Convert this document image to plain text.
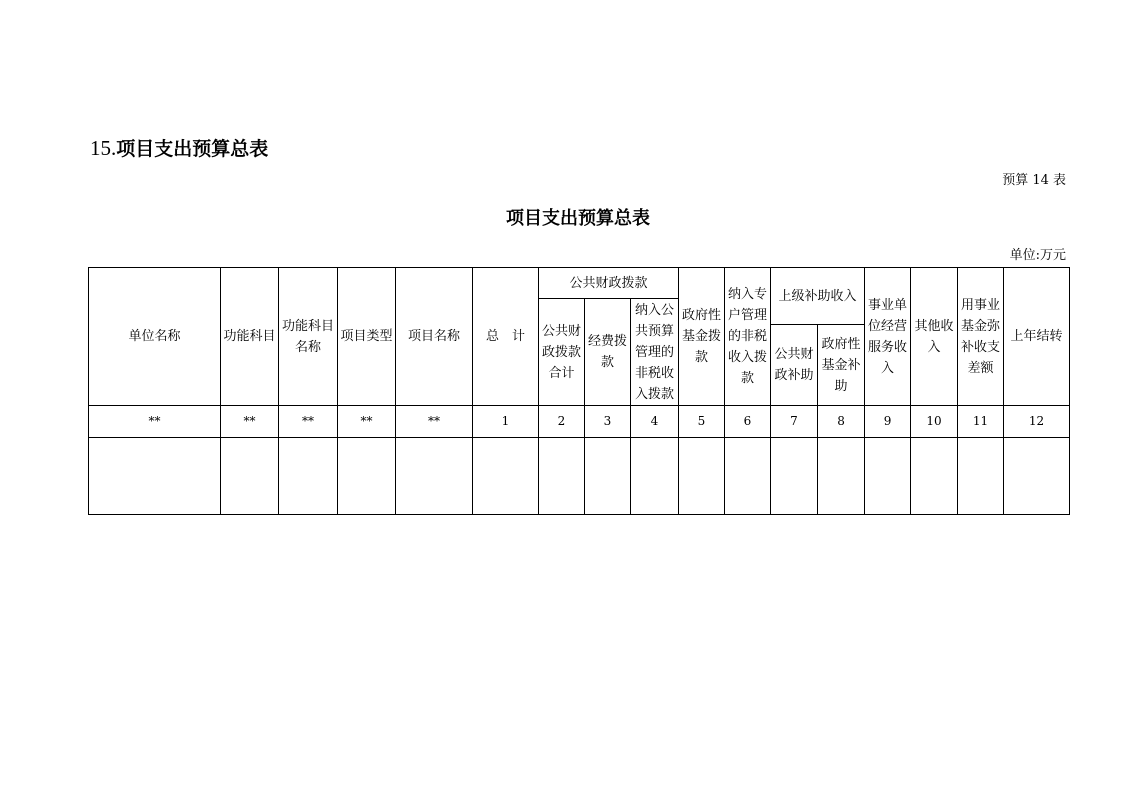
15.项目支出预算总表
预算 14 表
项目支出预算总表
单位:万元
单位名称	功能科目	功能科目名称	项目类型	项目名称	总　计	公共财政拨款			政府性基金拨款	纳入专户管理的非税收入拨款	上级补助收入		事业单位经营服务收入	其他收入	用事业基金弥补收支差额	上年结转
						公共财政拨款合计	经费拨款	纳入公共预算管理的非税收入拨款								
											公共财政补助	政府性基金补助				
**	**	**	**	**	1	2	3	4	5	6	7	8	9	10	11	12
